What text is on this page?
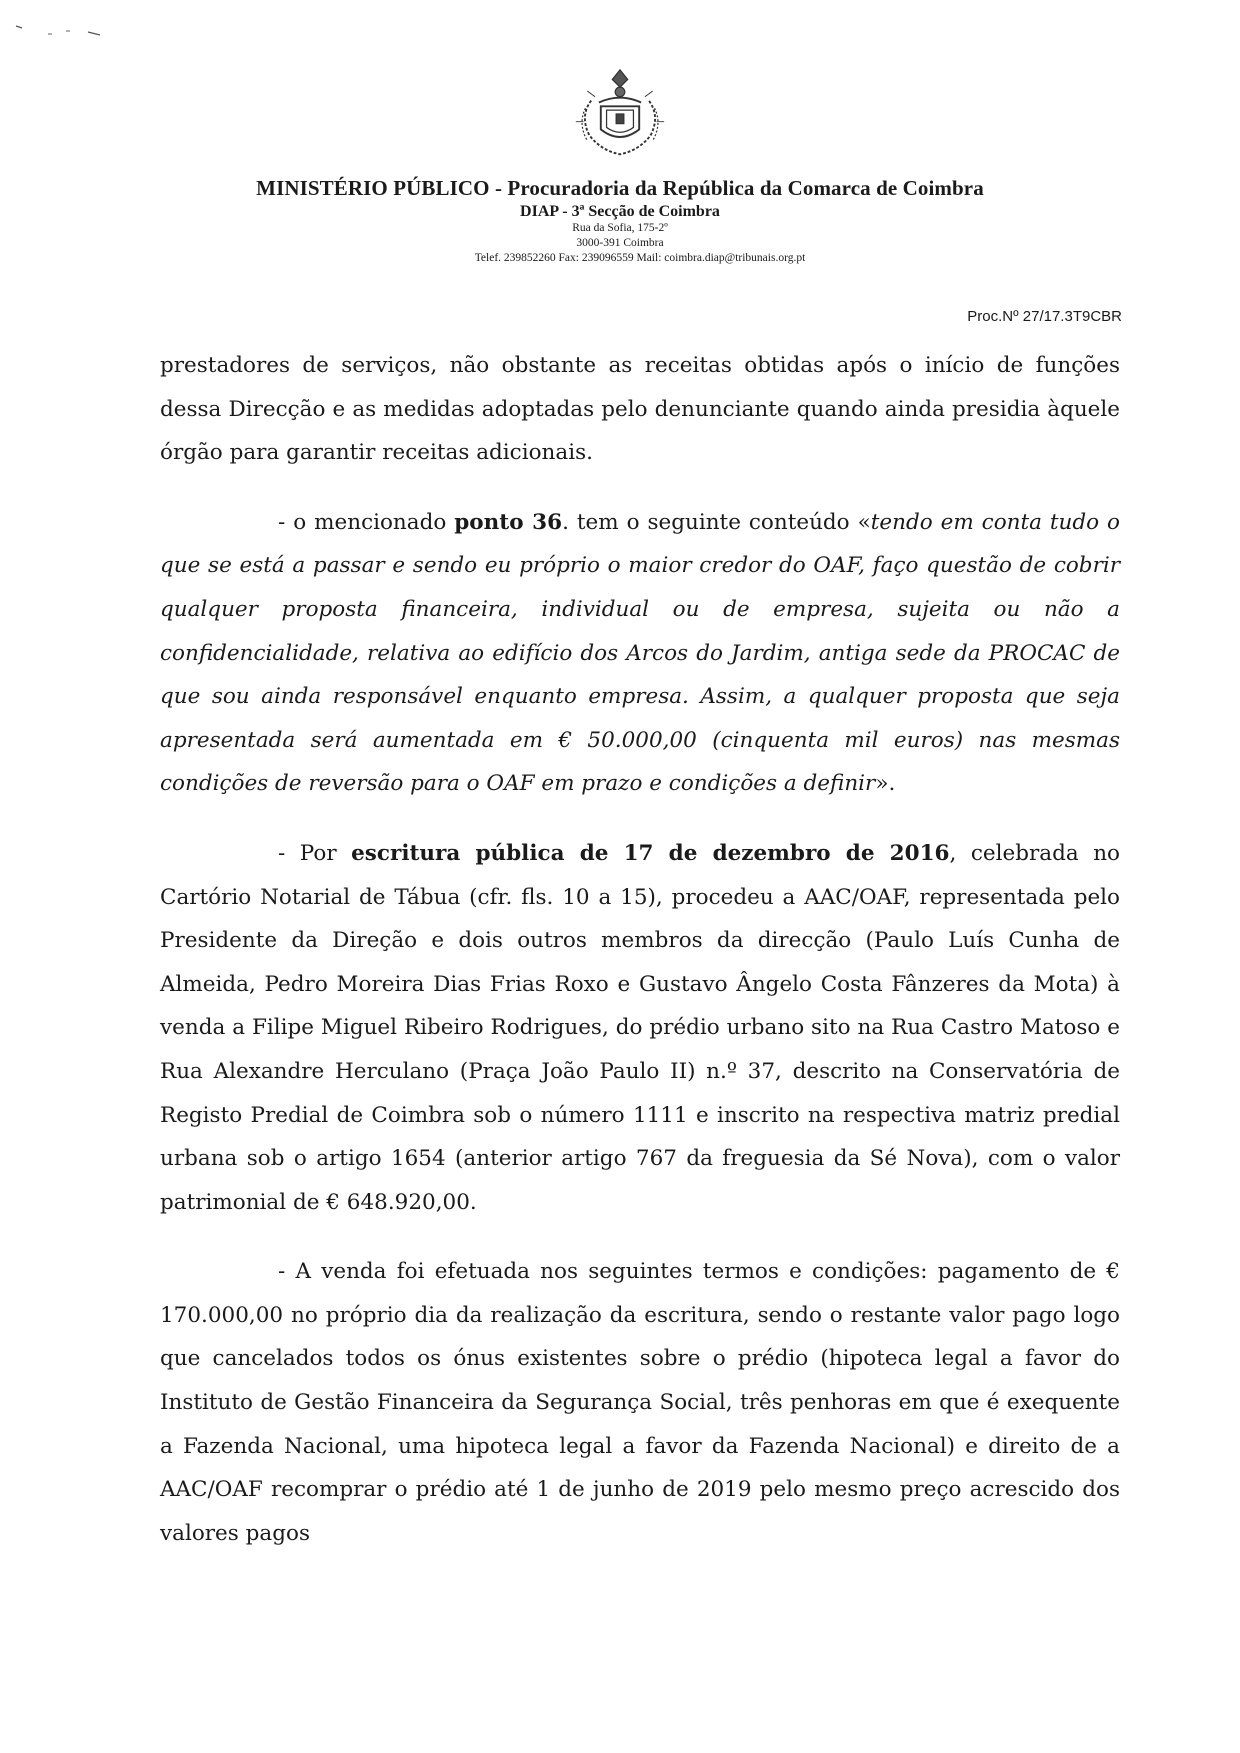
MINISTÉRIO PÚBLICO - Procuradoria da República da Comarca de Coimbra
DIAP - 3ª Secção de Coimbra
Rua da Sofia, 175-2º
3000-391 Coimbra
Telef. 239852260 Fax: 239096559 Mail: coimbra.diap@tribunais.org.pt
Proc.Nº 27/17.3T9CBR

prestadores de serviços, não obstante as receitas obtidas após o início de funções dessa Direcção e as medidas adoptadas pelo denunciante quando ainda presidia àquele órgão para garantir receitas adicionais.

- o mencionado ponto 36. tem o seguinte conteúdo «tendo em conta tudo o que se está a passar e sendo eu próprio o maior credor do OAF, faço questão de cobrir qualquer proposta financeira, individual ou de empresa, sujeita ou não a confidencialidade, relativa ao edifício dos Arcos do Jardim, antiga sede da PROCAC de que sou ainda responsável enquanto empresa. Assim, a qualquer proposta que seja apresentada será aumentada em € 50.000,00 (cinquenta mil euros) nas mesmas condições de reversão para o OAF em prazo e condições a definir».

- Por escritura pública de 17 de dezembro de 2016, celebrada no Cartório Notarial de Tábua (cfr. fls. 10 a 15), procedeu a AAC/OAF, representada pelo Presidente da Direção e dois outros membros da direcção (Paulo Luís Cunha de Almeida, Pedro Moreira Dias Frias Roxo e Gustavo Ângelo Costa Fânzeres da Mota) à venda a Filipe Miguel Ribeiro Rodrigues, do prédio urbano sito na Rua Castro Matoso e Rua Alexandre Herculano (Praça João Paulo II) n.º 37, descrito na Conservatória de Registo Predial de Coimbra sob o número 1111 e inscrito na respectiva matriz predial urbana sob o artigo 1654 (anterior artigo 767 da freguesia da Sé Nova), com o valor patrimonial de € 648.920,00.

- A venda foi efetuada nos seguintes termos e condições: pagamento de € 170.000,00 no próprio dia da realização da escritura, sendo o restante valor pago logo que cancelados todos os ónus existentes sobre o prédio (hipoteca legal a favor do Instituto de Gestão Financeira da Segurança Social, três penhoras em que é exequente a Fazenda Nacional, uma hipoteca legal a favor da Fazenda Nacional) e direito de a AAC/OAF recomprar o prédio até 1 de junho de 2019 pelo mesmo preço acrescido dos valores pagos
